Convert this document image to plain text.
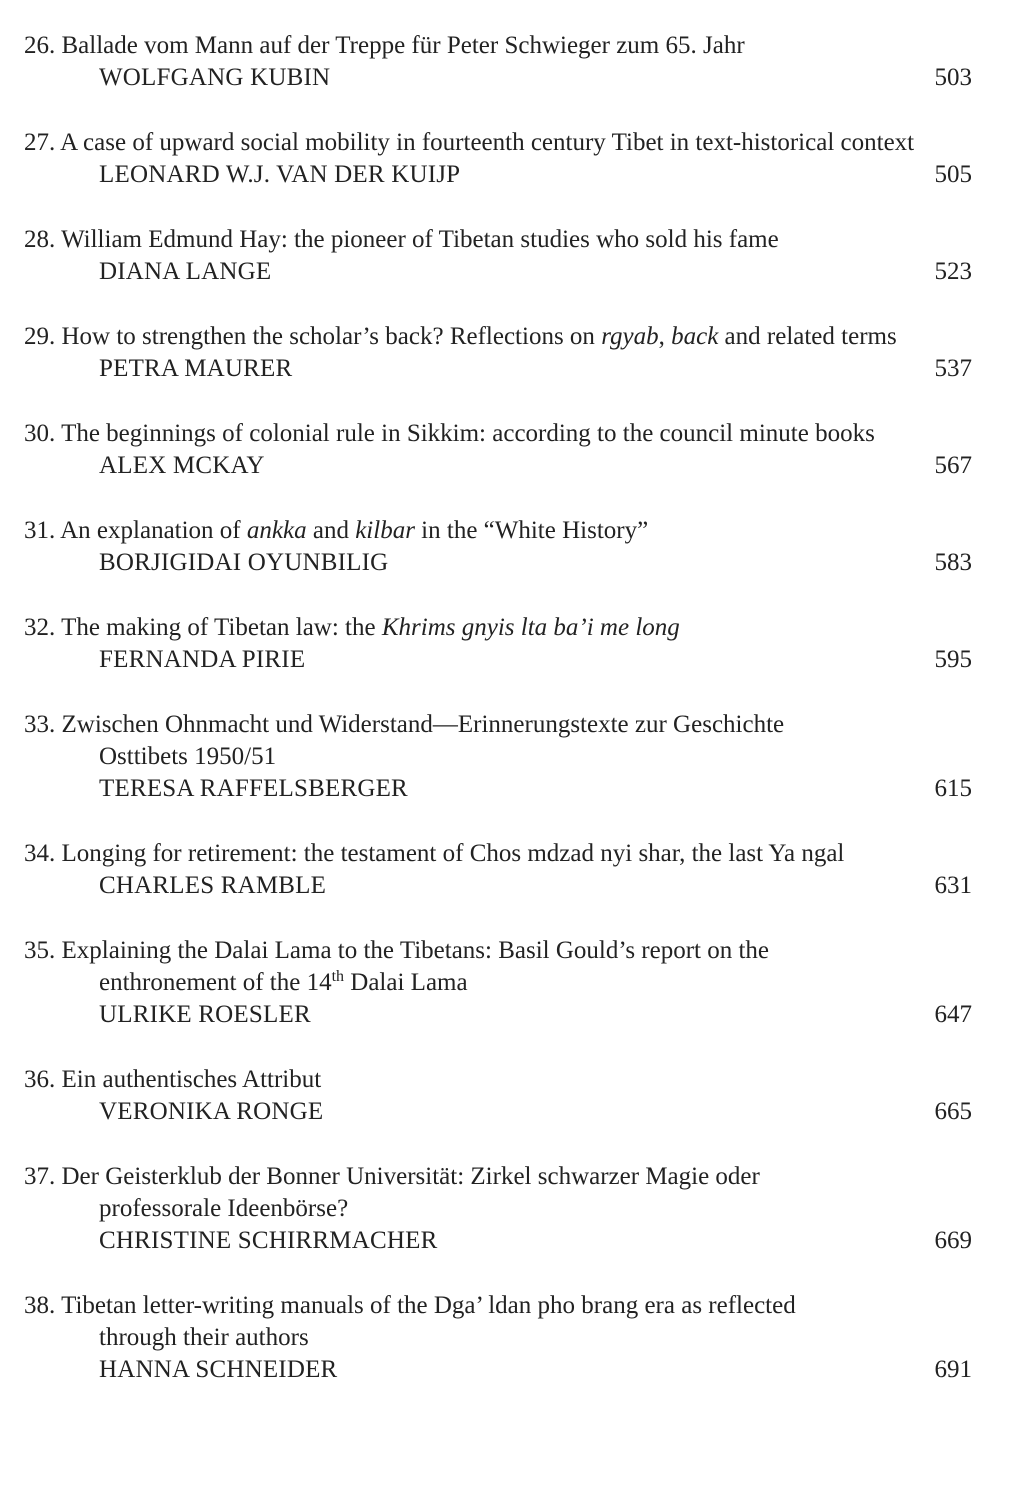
26. Ballade vom Mann auf der Treppe für Peter Schwieger zum 65. Jahr
WOLFGANG KUBIN	503
27. A case of upward social mobility in fourteenth century Tibet in text-historical context
LEONARD W.J. VAN DER KUIJP	505
28. William Edmund Hay: the pioneer of Tibetan studies who sold his fame
DIANA LANGE	523
29. How to strengthen the scholar’s back? Reflections on rgyab, back and related terms
PETRA MAURER	537
30. The beginnings of colonial rule in Sikkim: according to the council minute books
ALEX MCKAY	567
31. An explanation of ankka and kilbar in the “White History”
BORJIGIDAI OYUNBILIG	583
32. The making of Tibetan law: the Khrims gnyis lta ba’i me long
FERNANDA PIRIE	595
33. Zwischen Ohnmacht und Widerstand—Erinnerungstexte zur Geschichte
Osttibets 1950/51
TERESA RAFFELSBERGER	615
34. Longing for retirement: the testament of Chos mdzad nyi shar, the last Ya ngal
CHARLES RAMBLE	631
35. Explaining the Dalai Lama to the Tibetans: Basil Gould’s report on the
enthronement of the 14th Dalai Lama
ULRIKE ROESLER	647
36. Ein authentisches Attribut
VERONIKA RONGE	665
37. Der Geisterklub der Bonner Universität: Zirkel schwarzer Magie oder
professorale Ideenbörse?
CHRISTINE SCHIRRMACHER	669
38. Tibetan letter-writing manuals of the Dga’ ldan pho brang era as reflected
through their authors
HANNA SCHNEIDER	691
